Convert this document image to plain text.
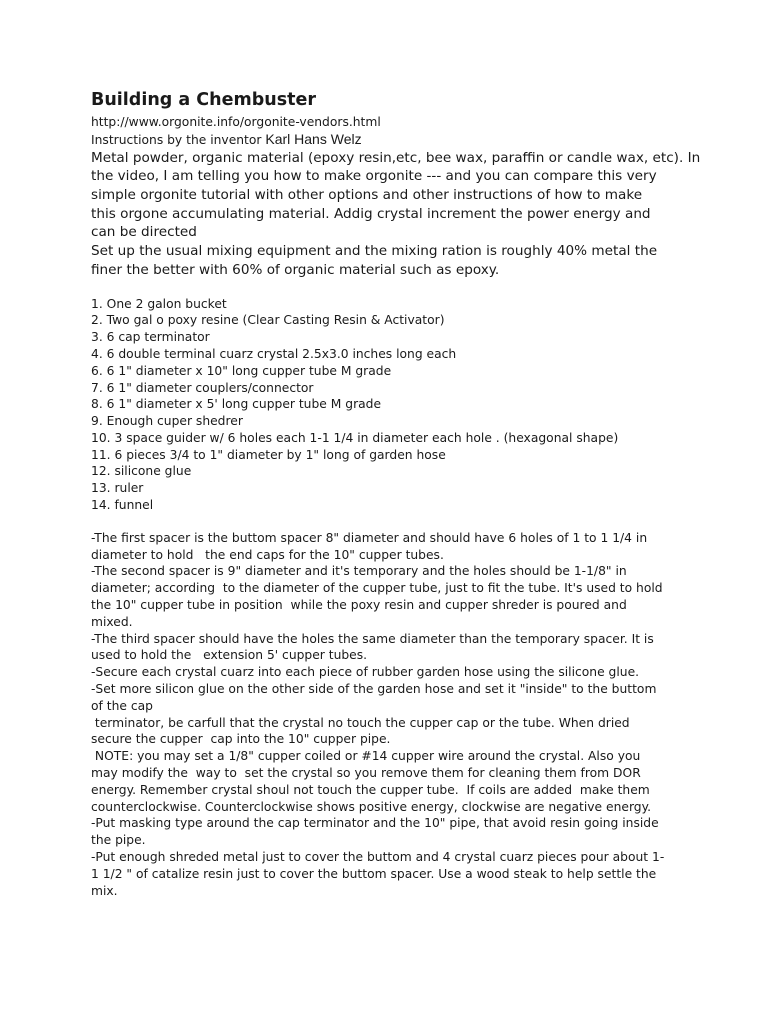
Building a Chembuster
http://www.orgonite.info/orgonite-vendors.html
Instructions by the inventor Karl Hans Welz
Metal powder, organic material (epoxy resin,etc, bee wax, paraffin or candle wax, etc). In
the video, I am telling you how to make orgonite --- and you can compare this very
simple orgonite tutorial with other options and other instructions of how to make
this orgone accumulating material. Addig crystal increment the power energy and
can be directed
Set up the usual mixing equipment and the mixing ration is roughly 40% metal the
finer the better with 60% of organic material such as epoxy.
1. One 2 galon bucket
2. Two gal o poxy resine (Clear Casting Resin & Activator)
3. 6 cap terminator
4. 6 double terminal cuarz crystal 2.5x3.0 inches long each
6. 6 1" diameter x 10" long cupper tube M grade
7. 6 1" diameter couplers/connector
8. 6 1" diameter x 5' long cupper tube M grade
9. Enough cuper shedrer
10. 3 space guider w/ 6 holes each 1-1 1/4 in diameter each hole . (hexagonal shape)
11. 6 pieces 3/4 to 1" diameter by 1" long of garden hose
12. silicone glue
13. ruler
14. funnel
-The first spacer is the buttom spacer 8" diameter and should have 6 holes of 1 to 1 1/4 in
diameter to hold   the end caps for the 10" cupper tubes.
-The second spacer is 9" diameter and it's temporary and the holes should be 1-1/8" in
diameter; according  to the diameter of the cupper tube, just to fit the tube. It's used to hold
the 10" cupper tube in position  while the poxy resin and cupper shreder is poured and
mixed.
-The third spacer should have the holes the same diameter than the temporary spacer. It is
used to hold the   extension 5' cupper tubes.
-Secure each crystal cuarz into each piece of rubber garden hose using the silicone glue.
-Set more silicon glue on the other side of the garden hose and set it "inside" to the buttom
of the cap
terminator, be carfull that the crystal no touch the cupper cap or the tube. When dried
secure the cupper  cap into the 10" cupper pipe.
NOTE: you may set a 1/8" cupper coiled or #14 cupper wire around the crystal. Also you
may modify the  way to  set the crystal so you remove them for cleaning them from DOR
energy. Remember crystal shoul not touch the cupper tube.  If coils are added  make them
counterclockwise. Counterclockwise shows positive energy, clockwise are negative energy.
-Put masking type around the cap terminator and the 10" pipe, that avoid resin going inside
the pipe.
-Put enough shreded metal just to cover the buttom and 4 crystal cuarz pieces pour about 1-
1 1/2 " of catalize resin just to cover the buttom spacer. Use a wood steak to help settle the
mix.
